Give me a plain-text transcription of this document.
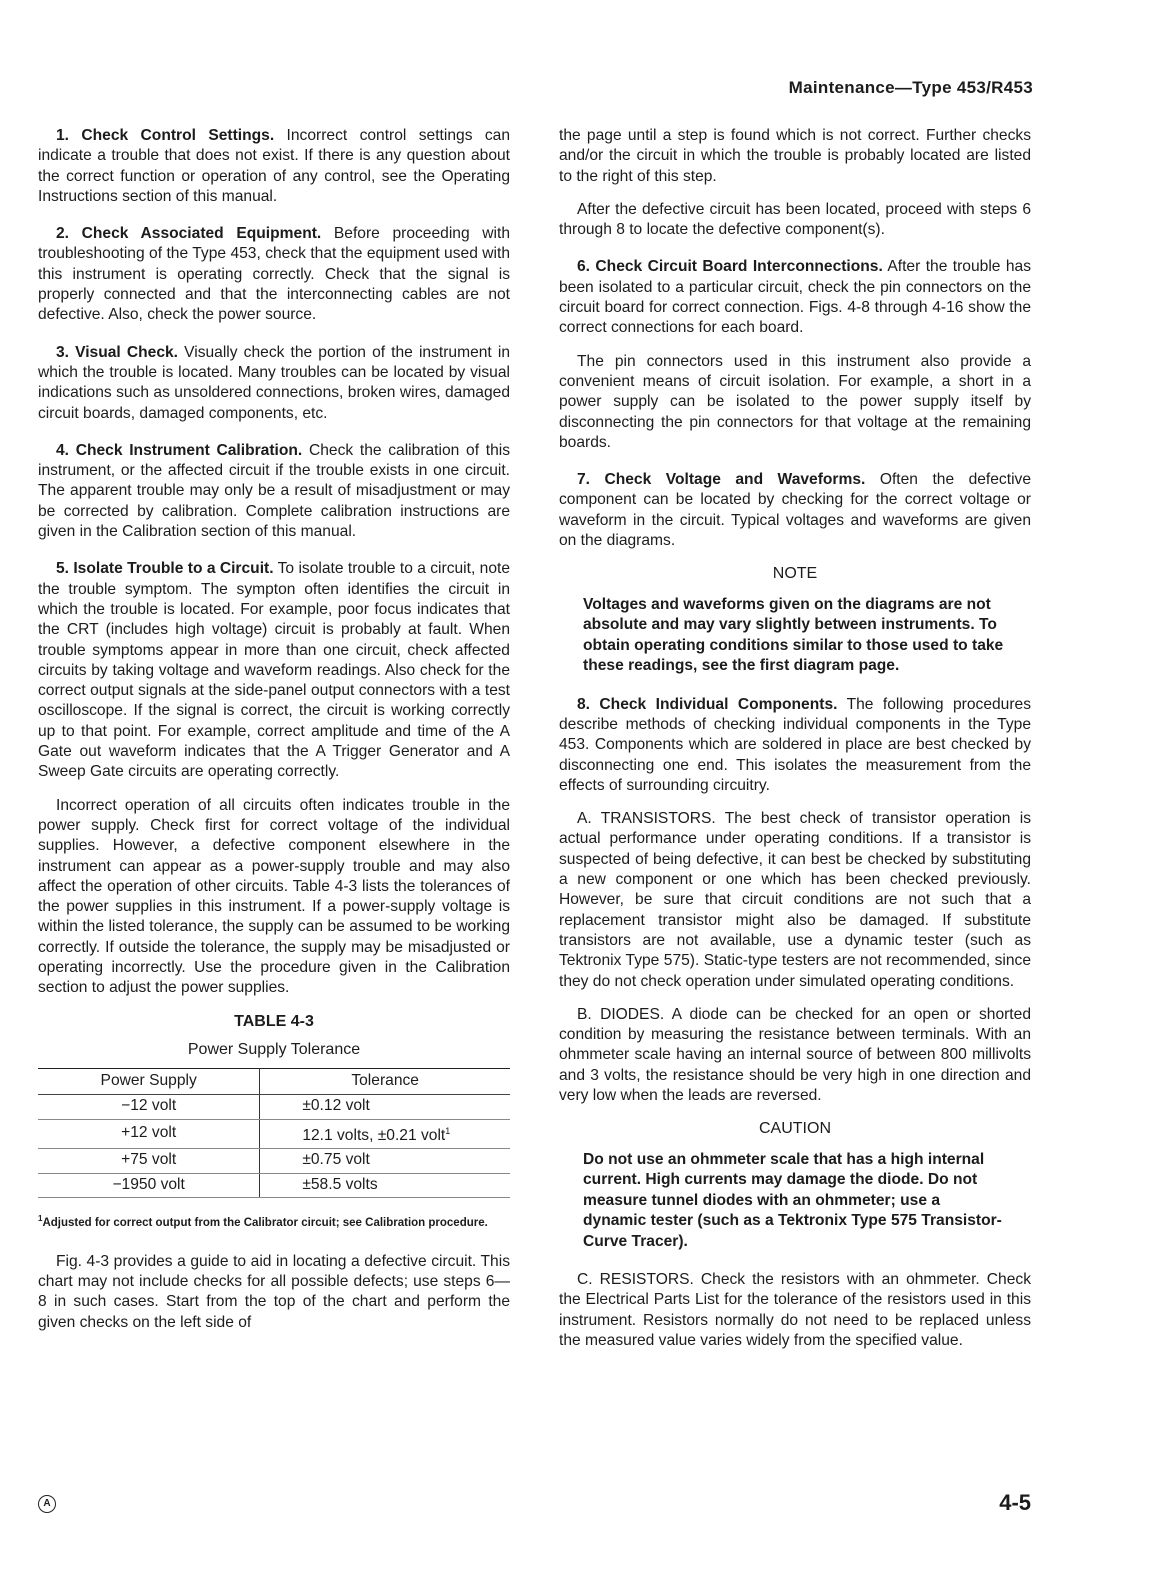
Maintenance—Type 453/R453

1. Check Control Settings. Incorrect control settings can indicate a trouble that does not exist. If there is any question about the correct function or operation of any control, see the Operating Instructions section of this manual.

2. Check Associated Equipment. Before proceeding with troubleshooting of the Type 453, check that the equipment used with this instrument is operating correctly. Check that the signal is properly connected and that the interconnecting cables are not defective. Also, check the power source.

3. Visual Check. Visually check the portion of the instrument in which the trouble is located. Many troubles can be located by visual indications such as unsoldered connections, broken wires, damaged circuit boards, damaged components, etc.

4. Check Instrument Calibration. Check the calibration of this instrument, or the affected circuit if the trouble exists in one circuit. The apparent trouble may only be a result of misadjustment or may be corrected by calibration. Complete calibration instructions are given in the Calibration section of this manual.

5. Isolate Trouble to a Circuit. To isolate trouble to a circuit, note the trouble symptom. The sympton often identifies the circuit in which the trouble is located. For example, poor focus indicates that the CRT (includes high voltage) circuit is probably at fault. When trouble symptoms appear in more than one circuit, check affected circuits by taking voltage and waveform readings. Also check for the correct output signals at the side-panel output connectors with a test oscilloscope. If the signal is correct, the circuit is working correctly up to that point. For example, correct amplitude and time of the A Gate out waveform indicates that the A Trigger Generator and A Sweep Gate circuits are operating correctly.

Incorrect operation of all circuits often indicates trouble in the power supply. Check first for correct voltage of the individual supplies. However, a defective component elsewhere in the instrument can appear as a power-supply trouble and may also affect the operation of other circuits. Table 4-3 lists the tolerances of the power supplies in this instrument. If a power-supply voltage is within the listed tolerance, the supply can be assumed to be working correctly. If outside the tolerance, the supply may be misadjusted or operating incorrectly. Use the procedure given in the Calibration section to adjust the power supplies.

TABLE 4-3
Power Supply Tolerance
Power Supply	Tolerance
−12 volt	±0.12 volt
+12 volt	12.1 volts, ±0.21 volt$^1$
+75 volt	±0.75 volt
−1950 volt	±58.5 volts
$^1$Adjusted for correct output from the Calibrator circuit; see Calibration procedure.

Fig. 4-3 provides a guide to aid in locating a defective circuit. This chart may not include checks for all possible defects; use steps 6—8 in such cases. Start from the top of the chart and perform the given checks on the left side of

the page until a step is found which is not correct. Further checks and/or the circuit in which the trouble is probably located are listed to the right of this step.

After the defective circuit has been located, proceed with steps 6 through 8 to locate the defective component(s).

6. Check Circuit Board Interconnections. After the trouble has been isolated to a particular circuit, check the pin connectors on the circuit board for correct connection. Figs. 4-8 through 4-16 show the correct connections for each board.

The pin connectors used in this instrument also provide a convenient means of circuit isolation. For example, a short in a power supply can be isolated to the power supply itself by disconnecting the pin connectors for that voltage at the remaining boards.

7. Check Voltage and Waveforms. Often the defective component can be located by checking for the correct voltage or waveform in the circuit. Typical voltages and waveforms are given on the diagrams.

NOTE
Voltages and waveforms given on the diagrams are not absolute and may vary slightly between instruments. To obtain operating conditions similar to those used to take these readings, see the first diagram page.

8. Check Individual Components. The following procedures describe methods of checking individual components in the Type 453. Components which are soldered in place are best checked by disconnecting one end. This isolates the measurement from the effects of surrounding circuitry.

A. TRANSISTORS. The best check of transistor operation is actual performance under operating conditions. If a transistor is suspected of being defective, it can best be checked by substituting a new component or one which has been checked previously. However, be sure that circuit conditions are not such that a replacement transistor might also be damaged. If substitute transistors are not available, use a dynamic tester (such as Tektronix Type 575). Static-type testers are not recommended, since they do not check operation under simulated operating conditions.

B. DIODES. A diode can be checked for an open or shorted condition by measuring the resistance between terminals. With an ohmmeter scale having an internal source of between 800 millivolts and 3 volts, the resistance should be very high in one direction and very low when the leads are reversed.

CAUTION
Do not use an ohmmeter scale that has a high internal current. High currents may damage the diode. Do not measure tunnel diodes with an ohmmeter; use a dynamic tester (such as a Tektronix Type 575 Transistor-Curve Tracer).

C. RESISTORS. Check the resistors with an ohmmeter. Check the Electrical Parts List for the tolerance of the resistors used in this instrument. Resistors normally do not need to be replaced unless the measured value varies widely from the specified value.

A	4-5
